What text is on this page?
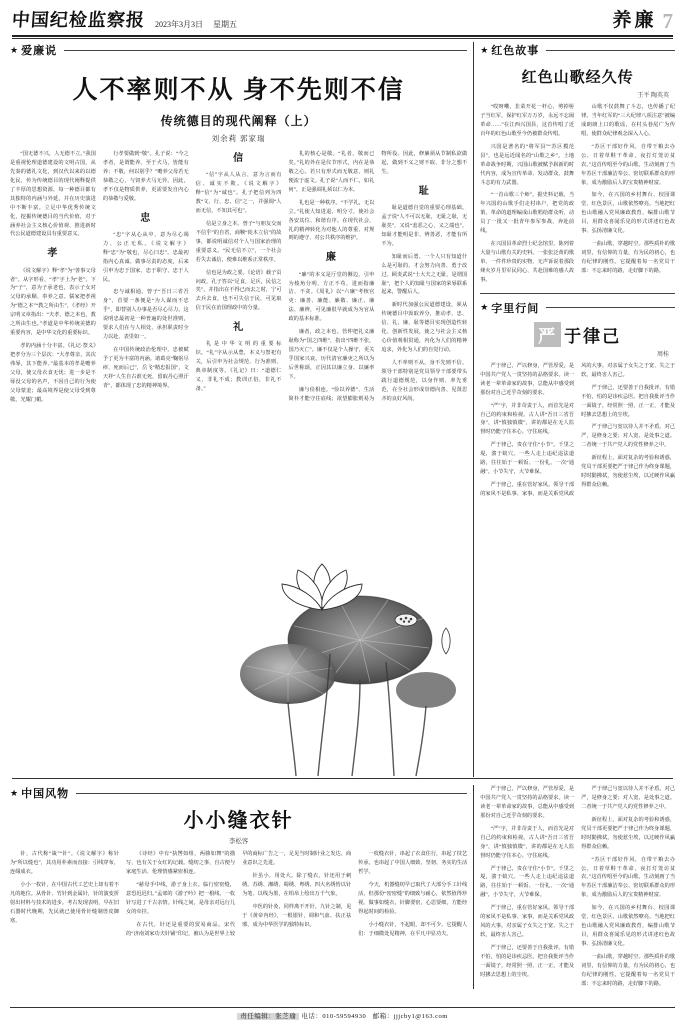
中国纪检监察报 2023年3月3日 星期五	养廉 7
★ 爱廉说
人不率则不从 身不先则不信
传统德目的现代阐释（上）
刘余莉 郭家瑞

“国无德不兴，人无德不立。”我国是重视伦理道德建设的文明古国，从先秦的德礼文化，到汉代以来的以德化民，传为传统德目的现代阐释提供了丰厚的思想资源。每一种德目都有其独特的内涵与外延，并在历史演进中不断丰富。立足中华优秀传统文化，挖掘传统德目的当代价值，对于涵养社会主义核心价值观、推进新时代公民道德建设具有重要意义。

孝

《说文解字》释“孝”为“善事父母者”。从字形看，“孝”字上为“老”，下为“子”，意为子承老也，表示子女对父母的承顺、奉养之意。儒家把孝视为“德之本”“教之所由生”，《孝经》开宗明义章指出：“夫孝，德之本也，教之所由生也。”孝道是中华传统美德的重要内容，是中华文化的重要标识。

孝的内涵十分丰富。《礼记·祭义》把孝分为三个层次：“大孝尊亲，其次弗辱，其下能养。”最基本的孝是赡养父母，使父母衣食无忧；进一步是不辱没父母的名声，不因自己的行为使父母蒙羞；最高境界是使父母受到尊敬，光耀门楣。

行孝要做到“敬”。孔子说：“今之孝者，是谓能养。至于犬马，皆能有养；不敬，何以别乎？”赡养父母若无恭敬之心，与饲养犬马无异。因此，孝不仅是物质供养，更需要发自内心的恭敬与爱敬。

忠

“忠”字从心从中，意为尽心竭力、公正无私。《说文解字》释“忠”为“敬也，尽心曰忠”。忠最初指内心真诚、做事尽责的态度，后来引申为忠于国家、忠于职守、忠于人民。

忠与诚相通。曾子“吾日三省吾身”，首要一条便是“为人谋而不忠乎”，即替别人办事是否尽心尽力。这说明忠最初是一种普遍的处世准则，要求人们在与人相处、承担职责时全力以赴、表里如一。

在中国传统政治伦理中，忠被赋予了更为丰富的内涵。诸葛亮“鞠躬尽瘁、死而后已”，岳飞“精忠报国”，文天祥“人生自古谁无死，留取丹心照汗青”，都体现了忠的精神境界。

信

“信”字从人从言，意为言而有信、诚实不欺。《说文解字》释“信”为“诚也”。孔子把信列为四教“文、行、忠、信”之一，并强调“人而无信，不知其可也”。

信是立身之本。曾子“与朋友交而不信乎”的自省，商鞅“徙木立信”的故事，都说明诚信对个人与国家治理的重要意义。“民无信不立”，一个社会若失去诚信，便难以维系正常秩序。

信也是为政之要。《论语》载子贡问政，孔子答以“足食，足兵，民信之矣”，并指出在不得已而去之时，宁可去兵去食，也不可失信于民，可见取信于民在治国理政中的分量。

礼

礼是中华文明的重要标识。“礼”字从示从豊，本义与祭祀有关，后引申为社会规范、行为准则、典章制度等。《礼记》曰：“道德仁义，非礼不成；教训正俗，非礼不备。”

礼的核心是敬。“礼者，敬而已矣。”礼的外在是仪节形式，内在是恭敬之心。若只有形式而无敬意，则礼便流于虚文。孔子说“人而不仁，如礼何”，正是强调礼须以仁为本。

礼也是一种秩序。“不学礼，无以立。”礼使人知进退、明分寸，使社会各安其位、和谐有序。在现代社会，礼的精神转化为对他人的尊重、对规则的遵守、对公共秩序的维护。

廉

“廉”的本义是厅堂的侧边，引申为棱角分明、方正不苟，进而指廉洁、不贪。《周礼》以“六廉”考核官吏：廉善、廉能、廉敬、廉正、廉法、廉辨，可见廉很早就成为为官从政的基本标准。

廉者，政之本也。管仲把礼义廉耻称为“国之四维”，指出“四维不张，国乃灭亡”。廉不仅是个人操守，更关乎国家兴衰。历代清官廉吏之所以为后世称颂，正因其以廉立身、以廉率下。

廉与俭相连。“俭以养德”，生活简朴才能守住底线；欲望膨胀则易为物所役。因此，修廉须从节制私欲做起，做到不义之财不取、非分之想不生。

耻

耻是道德自觉的重要心理基础。孟子说“人不可以无耻，无耻之耻，无耻矣”，又说“羞恶之心，义之端也”。知耻才能明是非、辨善恶，才能有所不为。

知耻而后勇。一个人只有知道什么是可耻的，才会努力向善、勇于改过。顾炎武说“士大夫之无耻，是谓国耻”，把个人的知耻与国家的荣辱联系起来，警醒后人。

新时代加强公民道德建设，须从传统德目中汲取养分，推动孝、忠、信、礼、廉、耻等德目实现创造性转化、创新性发展，使之与社会主义核心价值观相贯通，内化为人们的精神追求，外化为人们的自觉行动。

人不率则不从，身不先则不信。领导干部特别是党员领导干部要带头践行道德规范，以身作则、率先垂范，在全社会形成崇德向善、见贤思齐的良好风尚。

★ 红色故事
红色山歌经久传
王平 陶英英

“哎呀嘞，韭菜开花一杆心，剪掉髻子当红军，保护红军万万岁，永远不忘闹革命……”在江西兴国县，这首传唱了近百年的红色山歌至今仍被群众传唱。

兴国是著名的“将军县”“苏区模范县”，也是远近闻名的“山歌之乡”。土地革命战争时期，兴国山歌被赋予崭新的时代内容，成为宣传革命、发动群众、鼓舞斗志的有力武器。

“一首山歌三个师”。据史料记载，当年兴国的山歌手们走村串户，把党的政策、革命的道理编成山歌唱给群众听，动员了一批又一批青年参军参战，奔赴前线。

在兴国县革命烈士纪念馆里，陈列着大量与山歌有关的史料。一张张泛黄的歌单、一件件珍贵的实物，无声诉说着那段烽火岁月里军民同心、共赴国难的感人故事。

山歌不仅鼓舞了斗志，也传播了纪律。当年红军的“三大纪律八项注意”被编成朗朗上口的歌谣，在村头巷尾广为传唱，使群众纪律观念深入人心。

“苏区干部好作风，自带干粮去办公，日着草鞋干革命，夜打灯笼访贫农。”这首传唱至今的山歌，生动刻画了当年苏区干部廉洁奉公、密切联系群众的形象，成为激励后人的宝贵精神财富。

如今，在兴国的乡村舞台、校园课堂、红色景区，山歌依然嘹亮。当地把红色山歌融入党风廉政教育，编排山歌节目，用群众喜闻乐见的形式讲述红色故事、弘扬清廉文化。

一曲山歌，穿越时空。那些质朴的歌词里，有信仰的力量，有为民的初心，也有纪律的刚性。它提醒着每一名党员干部：不忘来时的路，走好脚下的路。

★ 字里行间
严 于律己
周桂

严于律己，严以修身，严管厚爱，是中国共产党人一贯坚持的品格要求。读一读老一辈革命家的故事，总能从中感受到那份对自己近乎苛刻的要求。

“严”字，并非苛责于人，而首先是对自己的约束和检视。古人讲“吾日三省吾身”，讲“慎独慎微”，讲的都是在无人监督时仍能守住本心、守住底线。

严于律己，贵在守住“小节”。千里之堤，溃于蚁穴。一些人走上违纪违法道路，往往始于一顿饭、一份礼、一次“通融”。小节失守，大节难保。

严于律己，重在管好家风。领导干部的家风不是私事、家事，而是关系党风政风的大事。对亲属子女失之于宽、失之于软，最终害人害己。

严于律己，还要善于自我批评。有错不怕，怕的是讳疾忌医。把自我批评当作一面镜子，经常照一照、正一正，才能及时拂去思想上的尘埃。

严于律己与宽以待人并不矛盾。对己严，是修身之要；对人宽，是处事之道。二者统一于共产党人的党性修养之中。

新征程上，面对复杂的考验和诱惑，党员干部更要把严于律己作为终身课题，时时勤拂拭，勿使惹尘埃，以过硬作风赢得群众信赖。

★ 中国风物
小小缝衣针
李松客

针，古代称“箴”“针”。《说文解字》称针为“所以缝也”，其功用朴素而直接：引线穿布，连缀成衣。

小小一枚针，在中国古代工艺史上却有着不凡的地位。从骨针、竹针到金属针，针的演变折射出材料与技术的进步。考古发现表明，早在旧石器时代晚期，先民就已使用骨针缝制兽皮御寒。

《诗经》中有“执辔如组，两骖如舞”的描写，也有关于女红的记载。缝纫之事，自古便与家庭生活、伦理情感紧密相连。

“慈母手中线，游子身上衣。临行密密缝，意恐迟迟归。”孟郊的《游子吟》把一根线、一枚针写进了千古亲情。针线之间，是母亲对远行儿女的牵挂。

在古代，针还是重要的贸易商品。宋代的“济南刘家功夫针铺”印记，被认为是世界上较早的商标广告之一，足见当时制针业之发达、商业意识之先进。

针虽小，用处大。除了缝衣，针还用于刺绣。苏绣、湘绣、蜀绣、粤绣，四大名绣皆以针为笔、以线为墨，在绢帛上绘出万千气象。

中医的针灸，同样离不开针。九针之制，见于《黄帝内经》，一根银针，调和气血、扶正祛邪，成为中华医学的独特标识。

一枚缝衣针，串起了衣食住行，串起了技艺传承，也串起了中国人细致、坚韧、务实的生活哲学。

今天，机器缝纫早已取代了大部分手工针线活，但那份“密密缝”的细致与耐心，依然值得珍视。做事如缝衣，针脚要密，心思要细，方能经得起时间的检验。

小小缝衣针，不起眼，却不可少。它提醒人们：于细微处见精神，在平凡中显功夫。

严于律己，严以修身，严管厚爱，是中国共产党人一贯坚持的品格要求。读一读老一辈革命家的故事，总能从中感受到那份对自己近乎苛刻的要求。

“严”字，并非苛责于人，而首先是对自己的约束和检视。古人讲“吾日三省吾身”，讲“慎独慎微”，讲的都是在无人监督时仍能守住本心、守住底线。

严于律己，贵在守住“小节”。千里之堤，溃于蚁穴。一些人走上违纪违法道路，往往始于一顿饭、一份礼、一次“通融”。小节失守，大节难保。

严于律己，重在管好家风。领导干部的家风不是私事、家事，而是关系党风政风的大事。对亲属子女失之于宽、失之于软，最终害人害己。

严于律己，还要善于自我批评。有错不怕，怕的是讳疾忌医。把自我批评当作一面镜子，经常照一照、正一正，才能及时拂去思想上的尘埃。

严于律己与宽以待人并不矛盾。对己严，是修身之要；对人宽，是处事之道。二者统一于共产党人的党性修养之中。

新征程上，面对复杂的考验和诱惑，党员干部更要把严于律己作为终身课题，时时勤拂拭，勿使惹尘埃，以过硬作风赢得群众信赖。

“苏区干部好作风，自带干粮去办公，日着草鞋干革命，夜打灯笼访贫农。”这首传唱至今的山歌，生动刻画了当年苏区干部廉洁奉公、密切联系群众的形象，成为激励后人的宝贵精神财富。

如今，在兴国的乡村舞台、校园课堂、红色景区，山歌依然嘹亮。当地把红色山歌融入党风廉政教育，编排山歌节目，用群众喜闻乐见的形式讲述红色故事、弘扬清廉文化。

一曲山歌，穿越时空。那些质朴的歌词里，有信仰的力量，有为民的初心，也有纪律的刚性。它提醒着每一名党员干部：不忘来时的路，走好脚下的路。

责任编辑：张芝瑜 电话：010-59594930 邮箱：jjjcby1@163.com
